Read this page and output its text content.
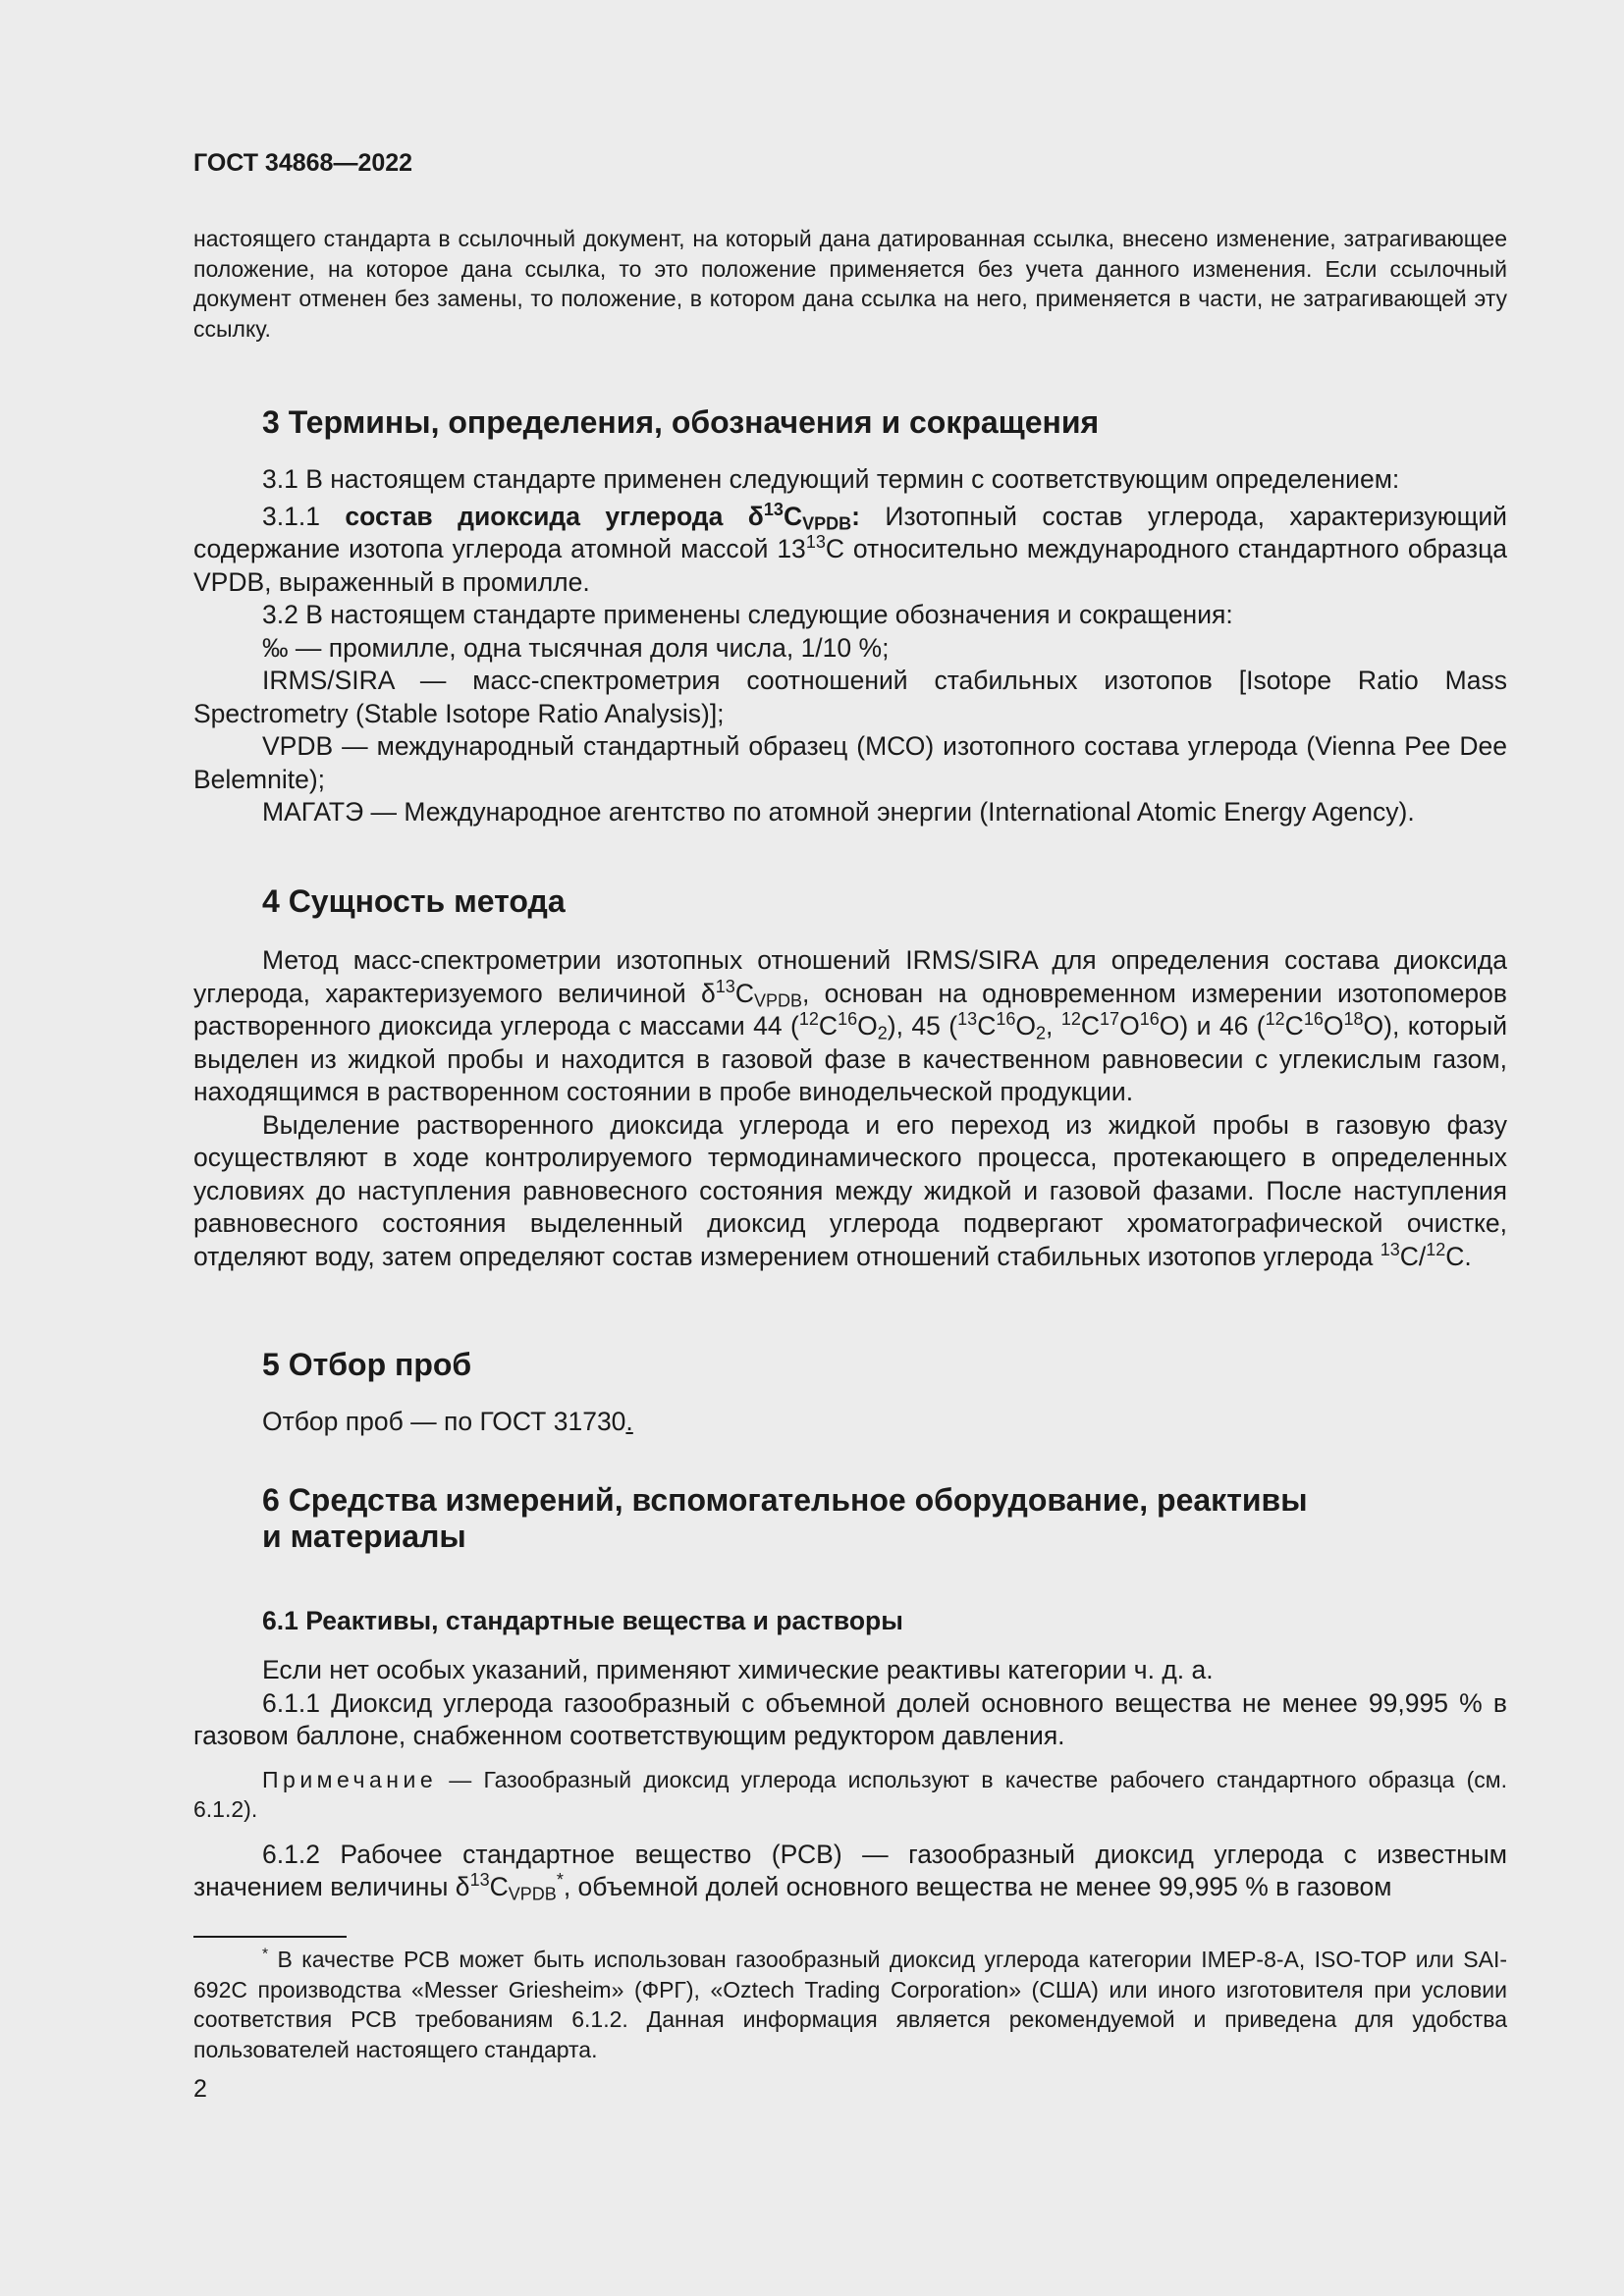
ГОСТ 34868—2022

настоящего стандарта в ссылочный документ, на который дана датированная ссылка, внесено изменение, затрагивающее положение, на которое дана ссылка, то это положение применяется без учета данного изменения. Если ссылочный документ отменен без замены, то положение, в котором дана ссылка на него, применяется в части, не затрагивающей эту ссылку.

3 Термины, определения, обозначения и сокращения

3.1 В настоящем стандарте применен следующий термин с соответствующим определением:

3.1.1 состав диоксида углерода $\delta^{13}C_{VPDB}$: Изотопный состав углерода, характеризующий содержание изотопа углерода атомной массой $13^{13}C$ относительно международного стандартного образца VPDB, выраженный в промилле.

3.2 В настоящем стандарте применены следующие обозначения и сокращения:

‰ — промилле, одна тысячная доля числа, 1/10 %;

IRMS/SIRA — масс-спектрометрия соотношений стабильных изотопов [Isotope Ratio Mass Spectrometry (Stable Isotope Ratio Analysis)];

VPDB — международный стандартный образец (МСО) изотопного состава углерода (Vienna Pee Dee Belemnite);

МАГАТЭ — Международное агентство по атомной энергии (International Atomic Energy Agency).

4 Сущность метода

Метод масс-спектрометрии изотопных отношений IRMS/SIRA для определения состава диоксида углерода, характеризуемого величиной $\delta^{13}C_{VPDB}$, основан на одновременном измерении изотопомеров растворенного диоксида углерода с массами 44 $(^{12}C^{16}O_2)$, 45 ($^{13}C^{16}O_2$, $^{12}C^{17}O^{16}O$) и 46 $(^{12}C^{16}O^{18}O)$, который выделен из жидкой пробы и находится в газовой фазе в качественном равновесии с углекислым газом, находящимся в растворенном состоянии в пробе винодельческой продукции.

Выделение растворенного диоксида углерода и его переход из жидкой пробы в газовую фазу осуществляют в ходе контролируемого термодинамического процесса, протекающего в определенных условиях до наступления равновесного состояния между жидкой и газовой фазами. После наступления равновесного состояния выделенный диоксид углерода подвергают хроматографической очистке, отделяют воду, затем определяют состав измерением отношений стабильных изотопов углерода $^{13}$C/$^{12}$C.

5 Отбор проб

Отбор проб — по ГОСТ 31730.

6 Средства измерений, вспомогательное оборудование, реактивы
и материалы
6.1 Реактивы, стандартные вещества и растворы

Если нет особых указаний, применяют химические реактивы категории ч. д. а.

6.1.1 Диоксид углерода газообразный с объемной долей основного вещества не менее 99,995 % в газовом баллоне, снабженном соответствующим редуктором давления.

Примечание — Газообразный диоксид углерода используют в качестве рабочего стандартного образца (см. 6.1.2).

6.1.2 Рабочее стандартное вещество (РСВ) — газообразный диоксид углерода с известным значением величины $\delta^{13}C_{VPDB}^*$, объемной долей основного вещества не менее 99,995 % в газовом

* В качестве РСВ может быть использован газообразный диоксид углерода категории IMEP-8-A, ISO-TOP или SAI-692C производства «Messer Griesheim» (ФРГ), «Oztech Trading Corporation» (США) или иного изготовителя при условии соответствия РСВ требованиям 6.1.2. Данная информация является рекомендуемой и приведена для удобства пользователей настоящего стандарта.

2
